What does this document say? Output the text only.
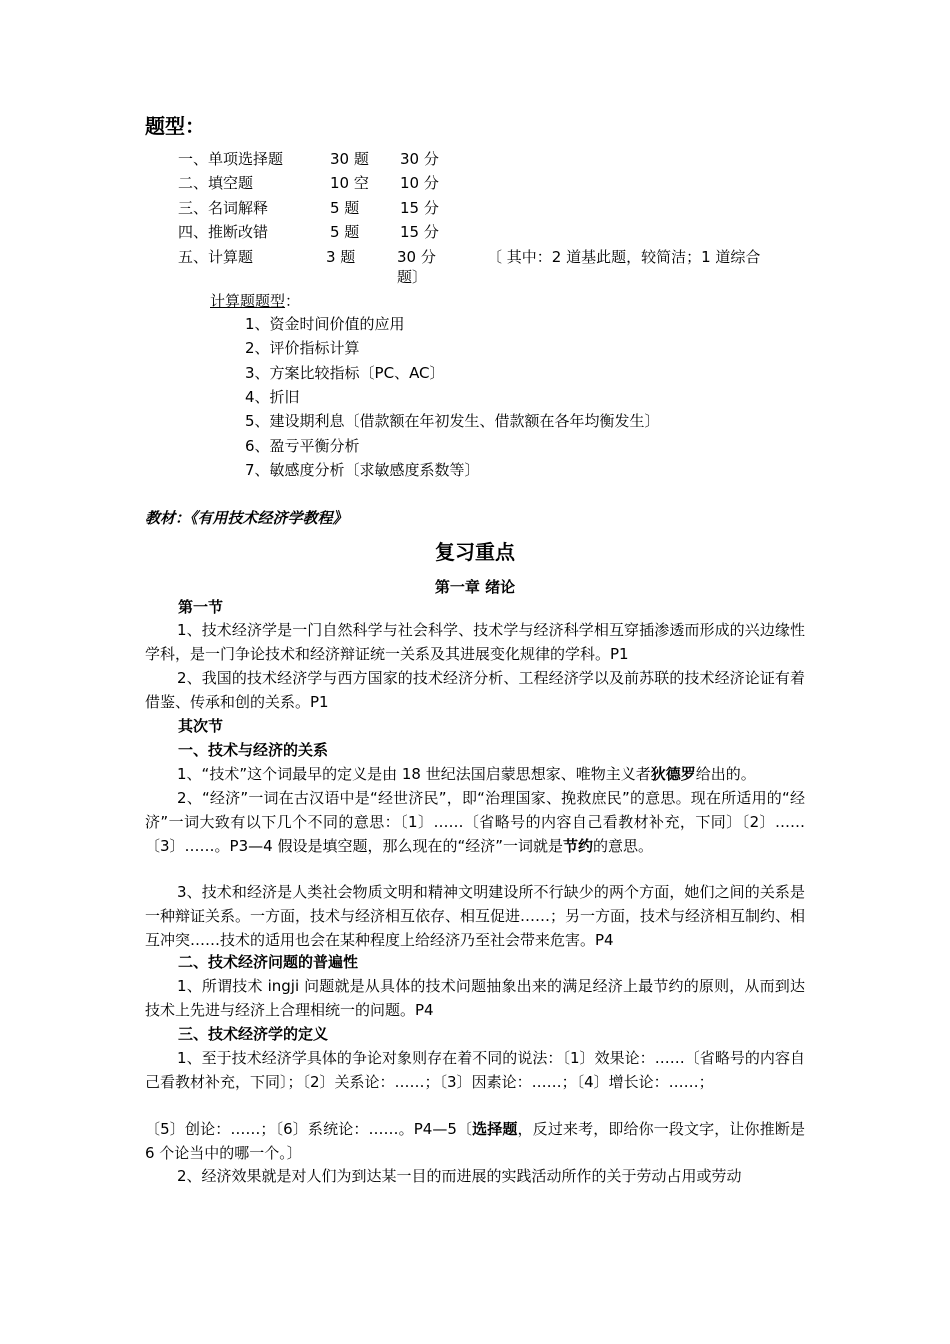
题型：
一、单项选择题	30 题 30 分
二、填空题	10 空 10 分
三、名词解释	5 题	15 分
四、推断改错	5 题	15 分
五、计算题	3 题	30 分	〔 其中：2 道基此题，较简洁；1 道综合
题〕
计算题题型：
1、资金时间价值的应用
2、评价指标计算
3、方案比较指标〔PC、AC〕
4、折旧
5、建设期利息〔借款额在年初发生、借款额在各年均衡发生〕
6、盈亏平衡分析
7、敏感度分析〔求敏感度系数等〕
教材：《有用技术经济学教程》
复习重点
第一章 绪论
第一节
1、技术经济学是一门自然科学与社会科学、技术学与经济科学相互穿插渗透而形成的兴边缘性学科，是一门争论技术和经济辩证统一关系及其进展变化规律的学科。P1
2、我国的技术经济学与西方国家的技术经济分析、工程经济学以及前苏联的技术经济论证有着借鉴、传承和创的关系。P1
其次节
一、技术与经济的关系
1、“技术”这个词最早的定义是由 18 世纪法国启蒙思想家、唯物主义者狄德罗给出的。
2、“经济”一词在古汉语中是“经世济民”，即“治理国家、挽救庶民”的意思。现在所适用的“经济”一词大致有以下几个不同的意思：〔1〕……〔省略号的内容自己看教材补充，下同〕〔2〕……〔3〕……。P3—4 假设是填空题，那么现在的“经济”一词就是节约的意思。
3、技术和经济是人类社会物质文明和精神文明建设所不行缺少的两个方面，她们之间的关系是一种辩证关系。一方面，技术与经济相互依存、相互促进……；另一方面，技术与经济相互制约、相互冲突……技术的适用也会在某种程度上给经济乃至社会带来危害。P4
二、技术经济问题的普遍性
1、所谓技术 ingji 问题就是从具体的技术问题抽象出来的满足经济上最节约的原则，从而到达技术上先进与经济上合理相统一的问题。P4
三、技术经济学的定义
1、至于技术经济学具体的争论对象则存在着不同的说法：〔1〕效果论：……〔省略号的内容自己看教材补充，下同〕；〔2〕关系论：……；〔3〕因素论：……；〔4〕增长论：……；
〔5〕创论：……；〔6〕系统论：……。P4—5〔选择题，反过来考，即给你一段文字，让你推断是 6 个论当中的哪一个。〕
2、经济效果就是对人们为到达某一目的而进展的实践活动所作的关于劳动占用或劳动
